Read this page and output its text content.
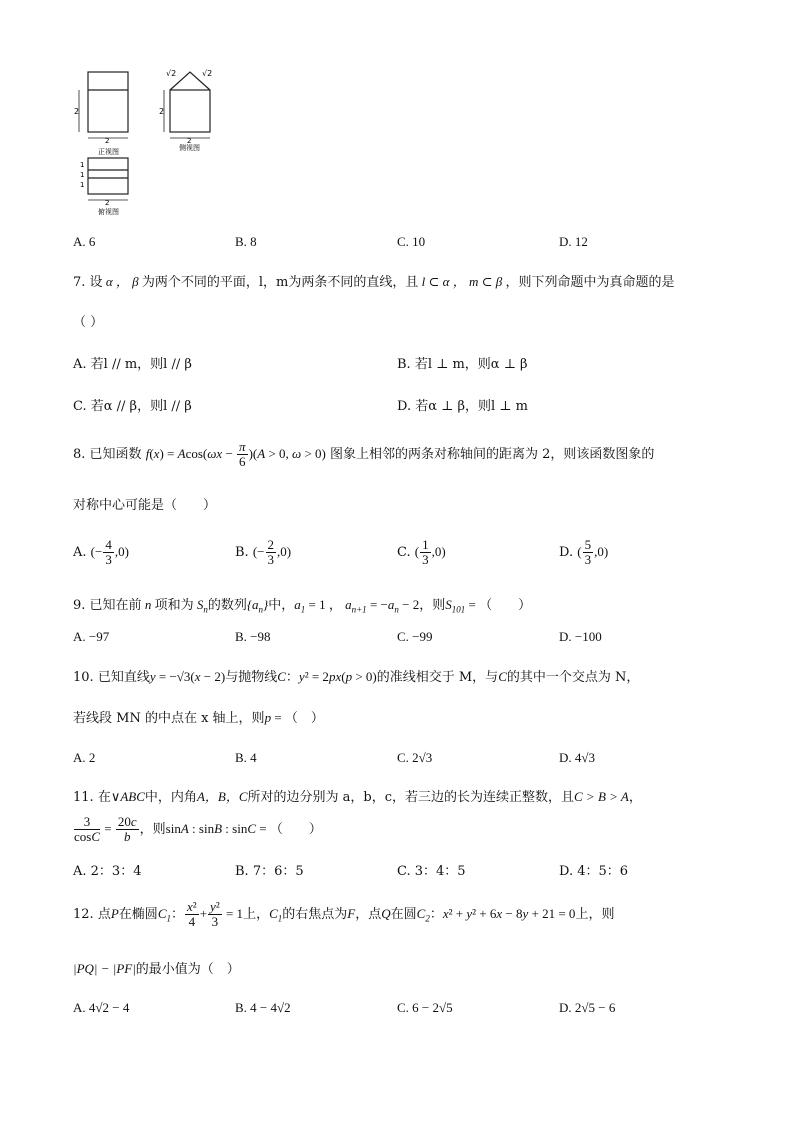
2
2
正视图
√2	√2
2
2
侧视图
1
1
1
2
俯视图
A. 6	B. 8	C. 10	D. 12
7. 设 α ， β 为两个不同的平面，l，m为两条不同的直线，且 l ⊂ α ， m ⊂ β ，则下列命题中为真命题的是
（ ）
A. 若l // m，则l // β	B. 若l ⊥ m，则α ⊥ β
C. 若α // β，则l // β	D. 若α ⊥ β，则l ⊥ m
8. 已知函数 $f(x) = Acos(\omega x - \frac{\pi}{6} )(A > 0$, ω > 0) 图象上相邻的两条对称轴间的距离为 2，则该函数图象的
对称中心可能是（　　）
A. (− $\frac{4}{3} ,0$)	B. (− $\frac{2}{3} ,0$)	C. ( $\frac{1}{3} ,0$)	D. ( $\frac{5}{3} ,0$)
9. 已知在前 n 项和为 $S_n$的数列$\{a_n\}$中，$a_1 = 1$ ， $a_{n+1} = -a_n - 2$，则$S_{101}$ = （　　）
A. −97	B. −98	C. −99	D. −100
10. 已知直线y = −√3(x − 2)与抛物线C：y² = 2px(p > 0)的准线相交于 M，与C的其中一个交点为 N，
若线段 MN 的中点在 x 轴上，则p = （　）
A. 2	B. 4	C. 2√3	D. 4√3
11. 在∨ABC中，内角A，B，C所对的边分别为 a，b，c，若三边的长为连续正整数，且C > B > A，
$\frac{3}{\cos C} = \frac{20c}{b}$ ，则sinA : sinB : sinC = （　　）
A. 2：3：4	B. 7：6：5	C. 3：4：5	D. 4：5：6
12. 点P在椭圆$C_1$： $\frac{\text{x²}}{4} + \frac{\text{y²}}{3} = 1$上，$C_1$的右焦点为F，点Q在圆$C_2$：x² + y² + 6x − 8y + 21 = 0上，则
|PQ| − |PF|的最小值为（　）
A. 4√2 − 4	B. 4 − 4√2	C. 6 − 2√5	D. 2√5 − 6
